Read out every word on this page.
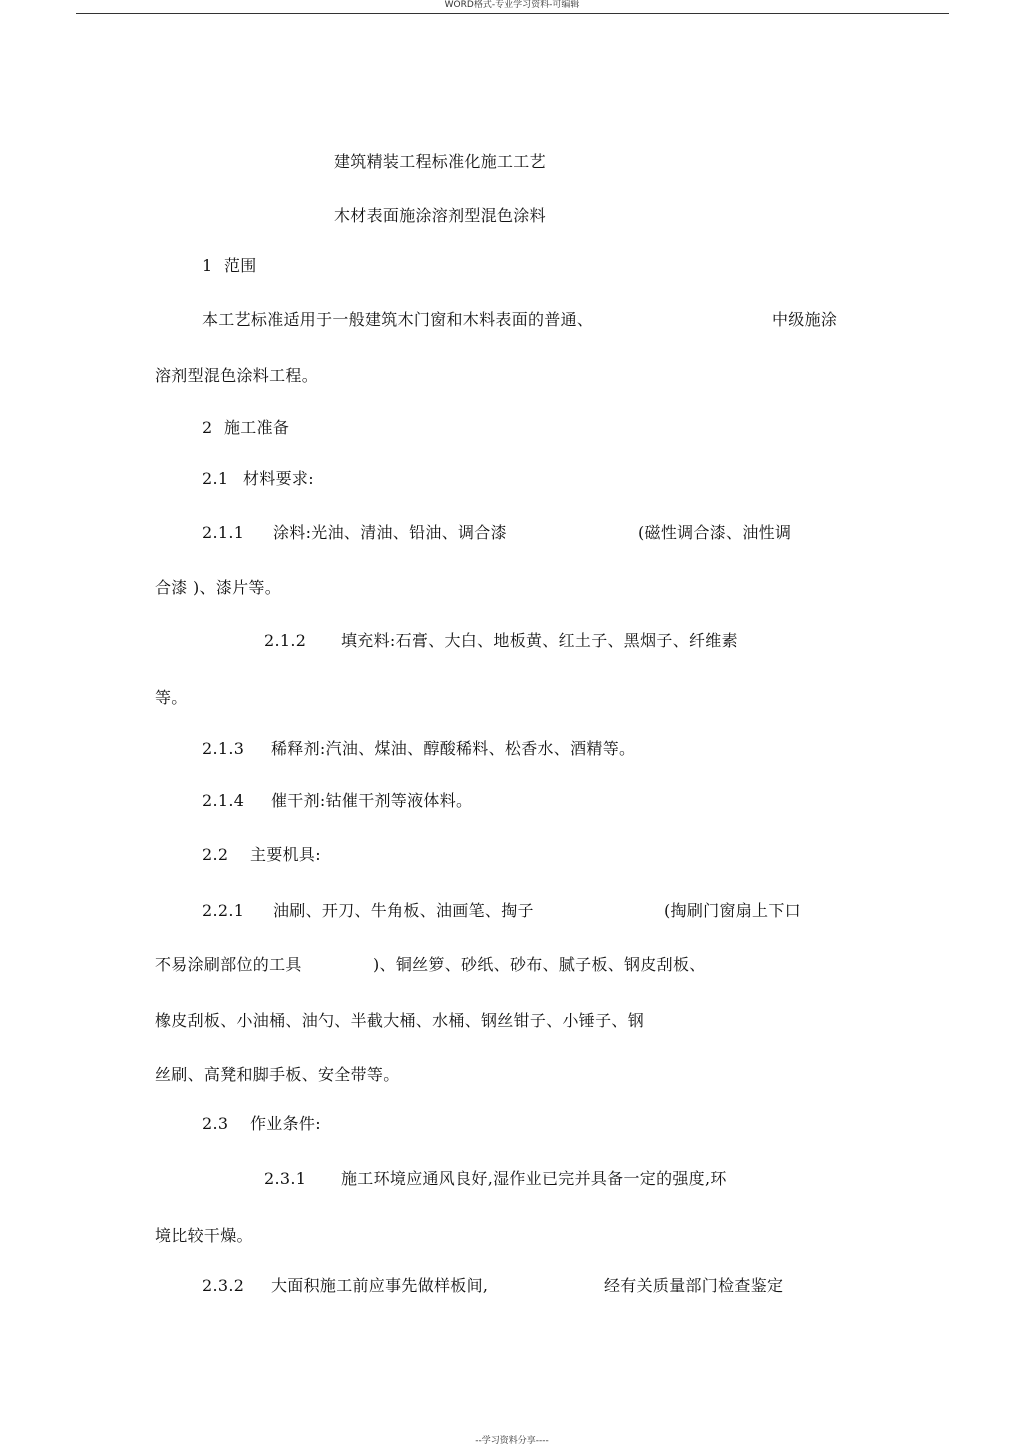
WORD格式-专业学习资料-可编辑
建筑精装工程标准化施工工艺
木材表面施涂溶剂型混色涂料
1 范围
本工艺标准适用于一般建筑木门窗和木料表面的普通、	中级施涂
溶剂型混色涂料工程。
2 施工准备
2.1 材料要求:
2.1.1 涂料:光油、清油、铅油、调合漆	(磁性调合漆、油性调
合漆 )、漆片等。
2.1.2 填充料:石膏、大白、地板黄、红土子、黑烟子、纤维素
等。
2.1.3 稀释剂:汽油、煤油、醇酸稀料、松香水、酒精等。
2.1.4 催干剂:钴催干剂等液体料。
2.2 主要机具:
2.2.1 油刷、开刀、牛角板、油画笔、掏子	(掏刷门窗扇上下口
不易涂刷部位的工具	)、铜丝箩、砂纸、砂布、腻子板、钢皮刮板、
橡皮刮板、小油桶、油勺、半截大桶、水桶、钢丝钳子、小锤子、钢
丝刷、高凳和脚手板、安全带等。
2.3 作业条件:
2.3.1 施工环境应通风良好,湿作业已完并具备一定的强度,环
境比较干燥。
2.3.2 大面积施工前应事先做样板间,	经有关质量部门检查鉴定
--学习资料分享----
